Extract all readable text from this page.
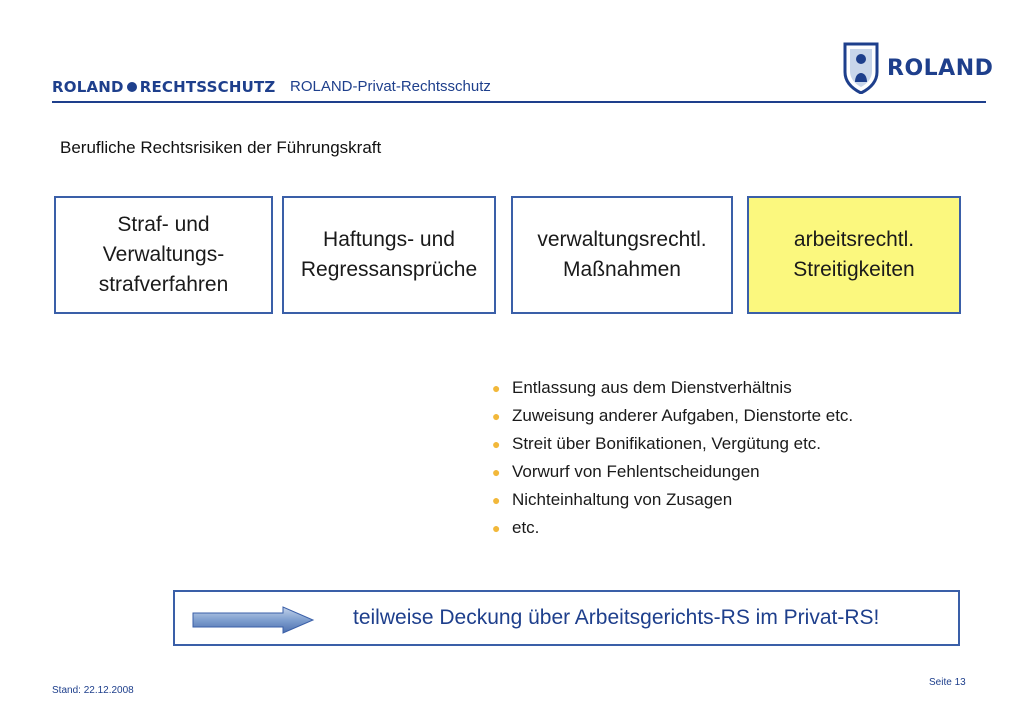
ROLAND RECHTSSCHUTZ ROLAND-Privat-Rechtsschutz
ROLAND
Berufliche Rechtsrisiken der Führungskraft
Straf- und
Verwaltungs-
strafverfahren
Haftungs- und
Regressansprüche
verwaltungsrechtl.
Maßnahmen
arbeitsrechtl.
Streitigkeiten
● Entlassung aus dem Dienstverhältnis
● Zuweisung anderer Aufgaben, Dienstorte etc.
● Streit über Bonifikationen, Vergütung etc.
● Vorwurf von Fehlentscheidungen
● Nichteinhaltung von Zusagen
● etc.
teilweise Deckung über Arbeitsgerichts-RS im Privat-RS!
Stand: 22.12.2008
Seite 13
